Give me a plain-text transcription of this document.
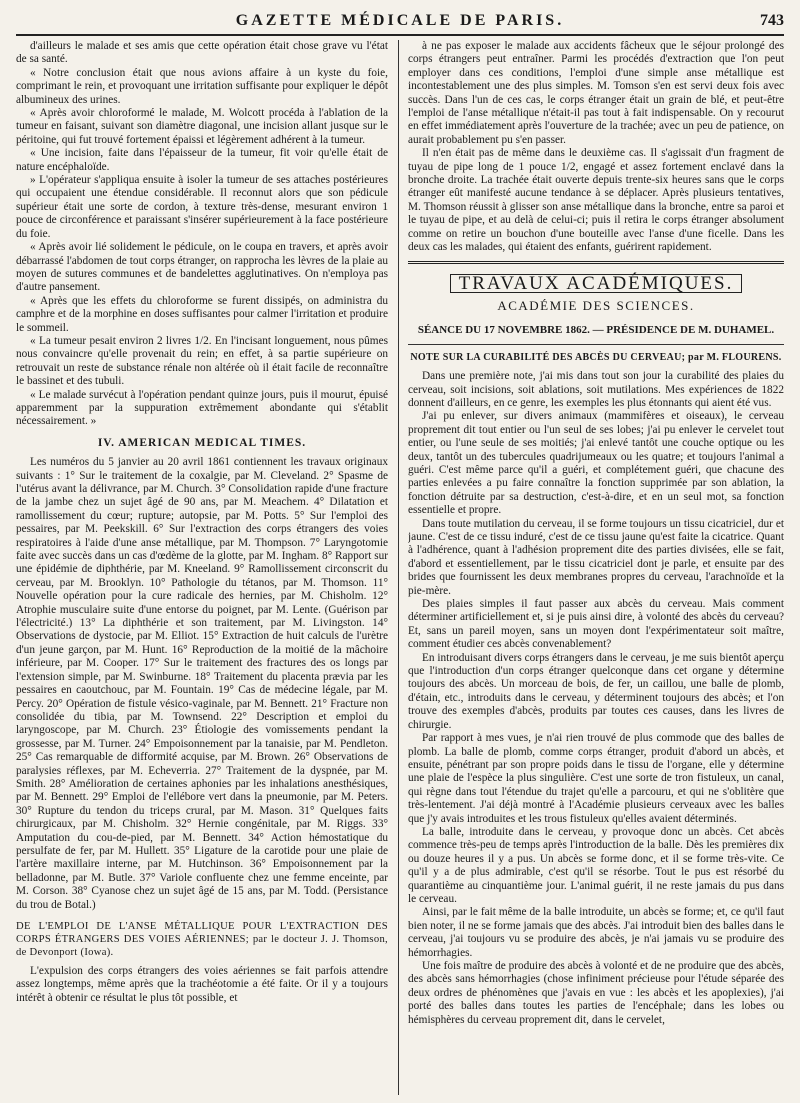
GAZETTE MÉDICALE DE PARIS.	743

d'ailleurs le malade et ses amis que cette opération était chose grave vu l'état de sa santé.

« Notre conclusion était que nous avions affaire à un kyste du foie, comprimant le rein, et provoquant une irritation suffisante pour expliquer le dépôt albumineux des urines.

« Après avoir chloroformé le malade, M. Wolcott procéda à l'ablation de la tumeur en faisant, suivant son diamètre diagonal, une incision allant jusque sur le péritoine, qui fut trouvé fortement épaissi et légèrement adhérent à la tumeur.

« Une incision, faite dans l'épaisseur de la tumeur, fit voir qu'elle était de nature encéphaloïde.

» L'opérateur s'appliqua ensuite à isoler la tumeur de ses attaches postérieures qui occupaient une étendue considérable. Il reconnut alors que son pédicule supérieur était une sorte de cordon, à texture très-dense, mesurant environ 1 pouce de circonférence et paraissant s'insérer supérieurement à la face postérieure du foie.

« Après avoir lié solidement le pédicule, on le coupa en travers, et après avoir débarrassé l'abdomen de tout corps étranger, on rapprocha les lèvres de la plaie au moyen de sutures communes et de bandelettes agglutinatives. On n'employa pas d'autre pansement.

« Après que les effets du chloroforme se furent dissipés, on administra du camphre et de la morphine en doses suffisantes pour calmer l'irritation et produire le sommeil.

« La tumeur pesait environ 2 livres 1/2. En l'incisant longuement, nous pûmes nous convaincre qu'elle provenait du rein; en effet, à sa partie supérieure on retrouvait un reste de substance rénale non altérée où il était facile de reconnaître le bassinet et des tubuli.

« Le malade survécut à l'opération pendant quinze jours, puis il mourut, épuisé apparemment par la suppuration extrêmement abondante qui s'établit nécessairement. »

IV. AMERICAN MEDICAL TIMES.

Les numéros du 5 janvier au 20 avril 1861 contiennent les travaux originaux suivants : 1° Sur le traitement de la coxalgie, par M. Cleveland. 2° Spasme de l'utérus avant la délivrance, par M. Church. 3° Consolidation rapide d'une fracture de la jambe chez un sujet âgé de 90 ans, par M. Meachem. 4° Dilatation et ramollissement du cœur; rupture; autopsie, par M. Potts. 5° Sur l'emploi des pessaires, par M. Peekskill. 6° Sur l'extraction des corps étrangers des voies respiratoires à l'aide d'une anse métallique, par M. Thompson. 7° Laryngotomie faite avec succès dans un cas d'œdème de la glotte, par M. Ingham. 8° Rapport sur une épidémie de diphthérie, par M. Kneeland. 9° Ramollissement circonscrit du cerveau, par M. Brooklyn. 10° Pathologie du tétanos, par M. Thomson. 11° Nouvelle opération pour la cure radicale des hernies, par M. Chisholm. 12° Atrophie musculaire suite d'une entorse du poignet, par M. Lente. (Guérison par l'électricité.) 13° La diphthérie et son traitement, par M. Livingston. 14° Observations de dystocie, par M. Elliot. 15° Extraction de huit calculs de l'urètre d'un jeune garçon, par M. Hunt. 16° Reproduction de la moitié de la mâchoire inférieure, par M. Cooper. 17° Sur le traitement des fractures des os longs par l'extension simple, par M. Swinburne. 18° Traitement du placenta prævia par les pessaires en caoutchouc, par M. Fountain. 19° Cas de médecine légale, par M. Percy. 20° Opération de fistule vésico-vaginale, par M. Bennett. 21° Fracture non consolidée du tibia, par M. Townsend. 22° Description et emploi du laryngoscope, par M. Church. 23° Étiologie des vomissements pendant la grossesse, par M. Turner. 24° Empoisonnement par la tanaisie, par M. Pendleton. 25° Cas remarquable de difformité acquise, par M. Brown. 26° Observations de paralysies réflexes, par M. Echeverria. 27° Traitement de la dyspnée, par M. Smith. 28° Amélioration de certaines aphonies par les inhalations anesthésiques, par M. Bennett. 29° Emploi de l'ellébore vert dans la pneumonie, par M. Peters. 30° Rupture du tendon du triceps crural, par M. Mason. 31° Quelques faits chirurgicaux, par M. Chisholm. 32° Hernie congénitale, par M. Riggs. 33° Amputation du cou-de-pied, par M. Bennett. 34° Action hémostatique du persulfate de fer, par M. Hullett. 35° Ligature de la carotide pour une plaie de l'artère maxillaire interne, par M. Hutchinson. 36° Empoisonnement par la belladonne, par M. Butle. 37° Variole confluente chez une femme enceinte, par M. Corson. 38° Cyanose chez un sujet âgé de 15 ans, par M. Todd. (Persistance du trou de Botal.)

DE L'EMPLOI DE L'ANSE MÉTALLIQUE POUR L'EXTRACTION DES CORPS ÉTRANGERS DES VOIES AÉRIENNES; par le docteur J. J. Thomson, de Devonport (Iowa).

L'expulsion des corps étrangers des voies aériennes se fait parfois attendre assez longtemps, même après que la trachéotomie a été faite. Or il y a toujours intérêt à obtenir ce résultat le plus tôt possible, et

à ne pas exposer le malade aux accidents fâcheux que le séjour prolongé des corps étrangers peut entraîner. Parmi les procédés d'extraction que l'on peut employer dans ces conditions, l'emploi d'une simple anse métallique est incontestablement une des plus simples. M. Tomson s'en est servi deux fois avec succès. Dans l'un de ces cas, le corps étranger était un grain de blé, et peut-être l'emploi de l'anse métallique n'était-il pas tout à fait indispensable. On y recourut en effet immédiatement après l'ouverture de la trachée; avec un peu de patience, on aurait probablement pu s'en passer.

Il n'en était pas de même dans le deuxième cas. Il s'agissait d'un fragment de tuyau de pipe long de 1 pouce 1/2, engagé et assez fortement enclavé dans la bronche droite. La trachée était ouverte depuis trente-six heures sans que le corps étranger eût manifesté aucune tendance à se déplacer. Après plusieurs tentatives, M. Thomson réussit à glisser son anse métallique dans la bronche, entre sa paroi et le tuyau de pipe, et au delà de celui-ci; puis il retira le corps étranger absolument comme on retire un bouchon d'une bouteille avec l'anse d'une ficelle. Dans les deux cas les malades, qui étaient des enfants, guérirent rapidement.

TRAVAUX ACADÉMIQUES.
ACADÉMIE DES SCIENCES.
SÉANCE DU 17 NOVEMBRE 1862. — PRÉSIDENCE DE M. DUHAMEL.
NOTE SUR LA CURABILITÉ DES ABCÈS DU CERVEAU; par M. FLOURENS.

Dans une première note, j'ai mis dans tout son jour la curabilité des plaies du cerveau, soit incisions, soit ablations, soit mutilations. Mes expériences de 1822 donnent d'ailleurs, en ce genre, les exemples les plus étonnants qui aient été vus.

J'ai pu enlever, sur divers animaux (mammifères et oiseaux), le cerveau proprement dit tout entier ou l'un seul de ses lobes; j'ai pu enlever le cervelet tout entier, ou l'une seule de ses moitiés; j'ai enlevé tantôt une couche optique ou les deux, tantôt un des tubercules quadrijumeaux ou les quatre; et toujours l'animal a guéri. C'est même parce qu'il a guéri, et complétement guéri, que chacune des parties enlevées a pu faire connaître la fonction supprimée par son ablation, la fonction détruite par sa destruction, c'est-à-dire, et en un seul mot, sa fonction essentielle et propre.

Dans toute mutilation du cerveau, il se forme toujours un tissu cicatriciel, dur et jaune. C'est de ce tissu induré, c'est de ce tissu jaune qu'est faite la cicatrice. Quant à l'adhérence, quant à l'adhésion proprement dite des parties divisées, elle se fait, d'abord et essentiellement, par le tissu cicatriciel dont je parle, et ensuite par des brides que fournissent les deux membranes propres du cerveau, l'arachnoïde et la pie-mère.

Des plaies simples il faut passer aux abcès du cerveau. Mais comment déterminer artificiellement et, si je puis ainsi dire, à volonté des abcès du cerveau? Et, sans un pareil moyen, sans un moyen dont l'expérimentateur soit maître, comment étudier ces abcès convenablement?

En introduisant divers corps étrangers dans le cerveau, je me suis bientôt aperçu que l'introduction d'un corps étranger quelconque dans cet organe y détermine toujours des abcès. Un morceau de bois, de fer, un caillou, une balle de plomb, d'étain, etc., introduits dans le cerveau, y déterminent toujours des abcès; et l'on trouve des exemples d'abcès, produits par toutes ces causes, dans les livres de chirurgie.

Par rapport à mes vues, je n'ai rien trouvé de plus commode que des balles de plomb. La balle de plomb, comme corps étranger, produit d'abord un abcès, et ensuite, pénétrant par son propre poids dans le tissu de l'organe, elle y détermine une plaie de l'espèce la plus singulière. C'est une sorte de tron fistuleux, un canal, qui règne dans tout l'étendue du trajet qu'elle a parcouru, et qui ne s'oblitère que très-lentement. J'ai déjà montré à l'Académie plusieurs cerveaux avec les balles que j'y avais introduites et les trous fistuleux qu'elles avaient déterminés.

La balle, introduite dans le cerveau, y provoque donc un abcès. Cet abcès commence très-peu de temps après l'introduction de la balle. Dès les premières dix ou douze heures il y a pus. Un abcès se forme donc, et il se forme très-vite. Ce qu'il y a de plus admirable, c'est qu'il se résorbe. Tout le pus est résorbé du quarantième au cinquantième jour. L'animal guérit, il ne reste jamais du pus dans le cerveau.

Ainsi, par le fait même de la balle introduite, un abcès se forme; et, ce qu'il faut bien noter, il ne se forme jamais que des abcès. J'ai introduit bien des balles dans le cerveau, j'ai toujours vu se produire des abcès, je n'ai jamais vu se produire des hémorrhagies.

Une fois maître de produire des abcès à volonté et de ne produire que des abcès, des abcès sans hémorrhagies (chose infiniment précieuse pour l'étude séparée des deux ordres de phénomènes que j'avais en vue : les abcès et les apoplexies), j'ai porté des balles dans toutes les parties de l'encéphale; dans les lobes ou hémisphères du cerveau proprement dit, dans le cervelet,
